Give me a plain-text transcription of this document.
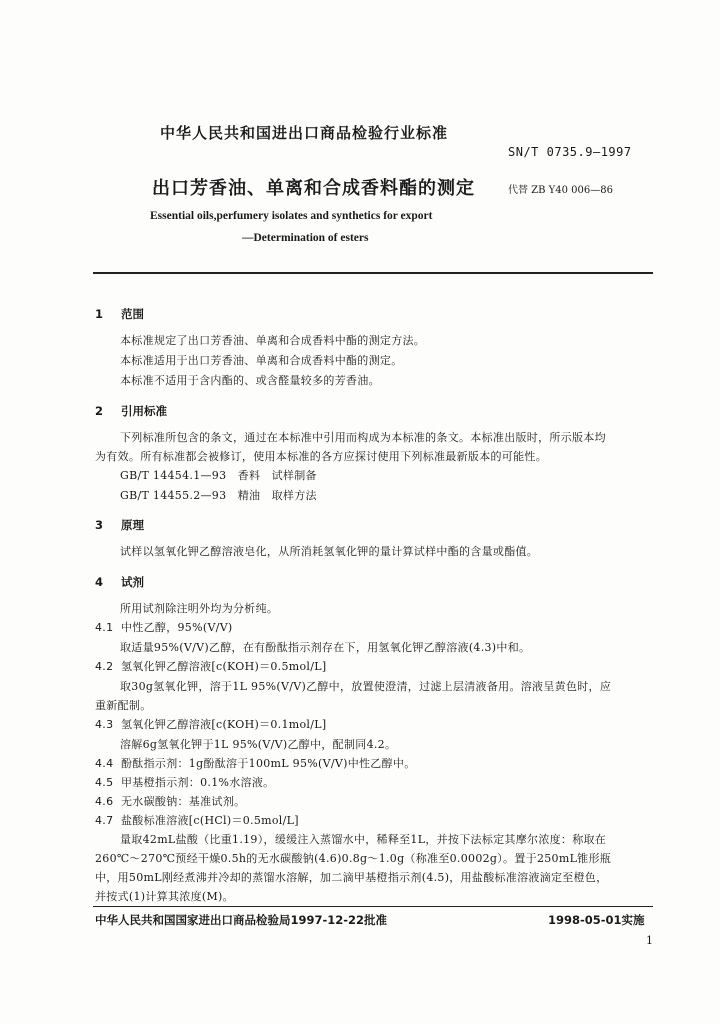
中华人民共和国进出口商品检验行业标准
SN/T 0735.9—1997
出口芳香油、单离和合成香料酯的测定	代替 ZB Y40 006—86
Essential oils,perfumery isolates and synthetics for export
—Determination of esters
1 范围
本标准规定了出口芳香油、单离和合成香料中酯的测定方法。
本标准适用于出口芳香油、单离和合成香料中酯的测定。
本标准不适用于含内酯的、或含醛量较多的芳香油。
2 引用标准
下列标准所包含的条文，通过在本标准中引用而构成为本标准的条文。本标准出版时，所示版本均
为有效。所有标准都会被修订，使用本标准的各方应探讨使用下列标准最新版本的可能性。
GB/T 14454.1—93　香料　试样制备
GB/T 14455.2—93　精油　取样方法
3 原理
试样以氢氧化钾乙醇溶液皂化，从所消耗氢氧化钾的量计算试样中酯的含量或酯值。
4 试剂
所用试剂除注明外均为分析纯。
4.1 中性乙醇，95%(V/V)
取适量95%(V/V)乙醇，在有酚酞指示剂存在下，用氢氧化钾乙醇溶液(4.3)中和。
4.2 氢氧化钾乙醇溶液[c(KOH)＝0.5mol/L]
取30g氢氧化钾，溶于1L 95%(V/V)乙醇中，放置使澄清，过滤上层清液备用。溶液呈黄色时，应
重新配制。
4.3 氢氧化钾乙醇溶液[c(KOH)＝0.1mol/L]
溶解6g氢氧化钾于1L 95%(V/V)乙醇中，配制同4.2。
4.4 酚酞指示剂：1g酚酞溶于100mL 95%(V/V)中性乙醇中。
4.5 甲基橙指示剂：0.1%水溶液。
4.6 无水碳酸钠：基准试剂。
4.7 盐酸标准溶液[c(HCl)＝0.5mol/L]
量取42mL盐酸（比重1.19），缓缓注入蒸馏水中，稀释至1L，并按下法标定其摩尔浓度：称取在
260℃～270℃预经干燥0.5h的无水碳酸钠(4.6)0.8g～1.0g（称准至0.0002g）。置于250mL锥形瓶
中，用50mL刚经煮沸并冷却的蒸馏水溶解，加二滴甲基橙指示剂(4.5)，用盐酸标准溶液滴定至橙色，
并按式(1)计算其浓度(M)。
中华人民共和国国家进出口商品检验局1997-12-22批准	1998-05-01实施
1
